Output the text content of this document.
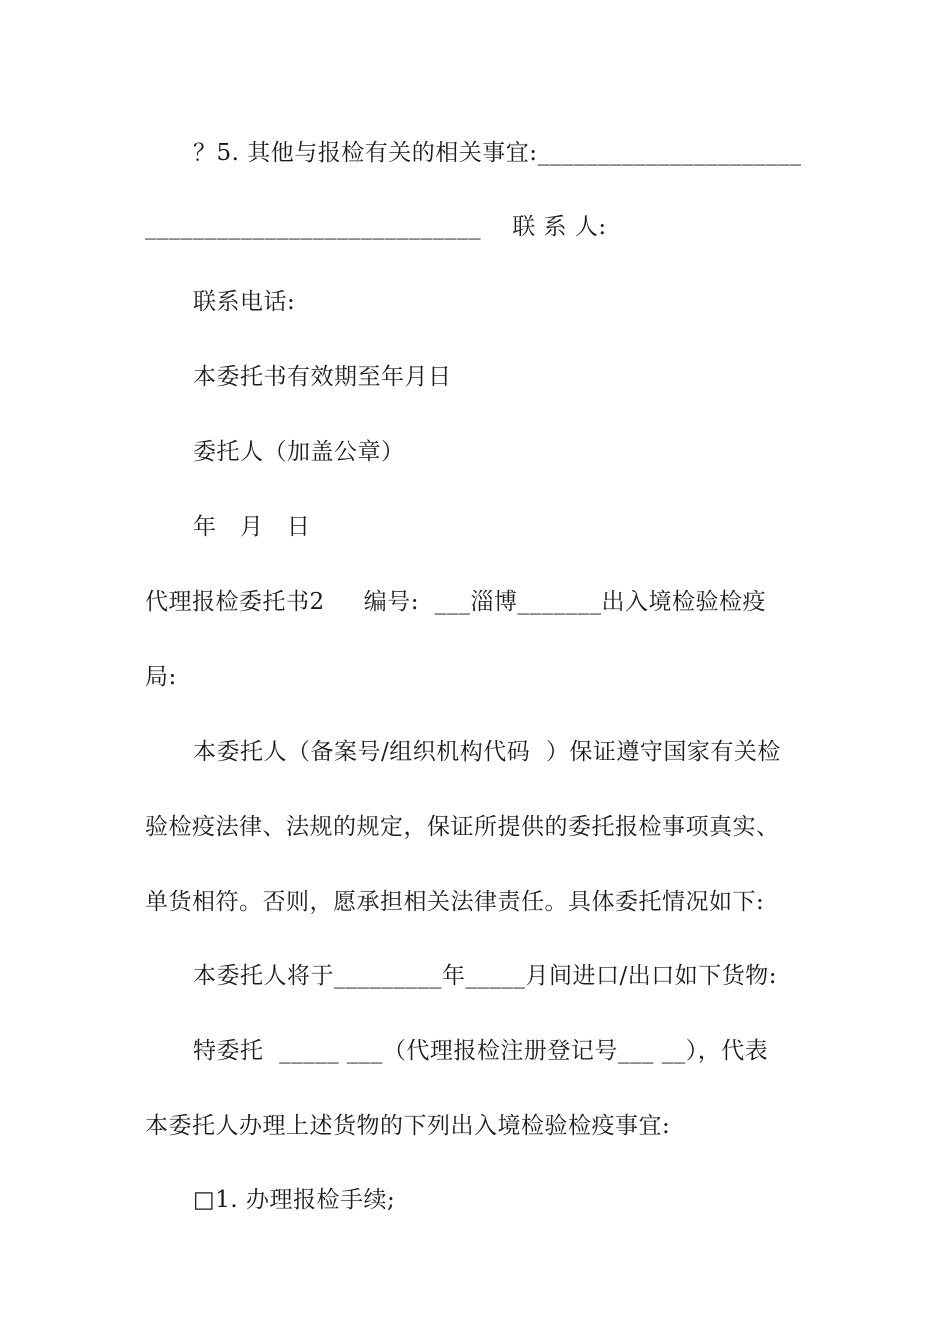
？5. 其他与报检有关的相关事宜:______________________
____________________________    联 系 人:
联系电话:
本委托书有效期至年月日
委托人（加盖公章）
年   月   日
代理报检委托书2     编号:  ___淄博_______出入境检验检疫
局:
本委托人（备案号/组织机构代码  ）保证遵守国家有关检
验检疫法律、法规的规定，保证所提供的委托报检事项真实、
单货相符。否则，愿承担相关法律责任。具体委托情况如下:
本委托人将于_________年_____月间进口/出口如下货物:
特委托  _____ ___（代理报检注册登记号___ __），代表
本委托人办理上述货物的下列出入境检验检疫事宜:
□1. 办理报检手续;
